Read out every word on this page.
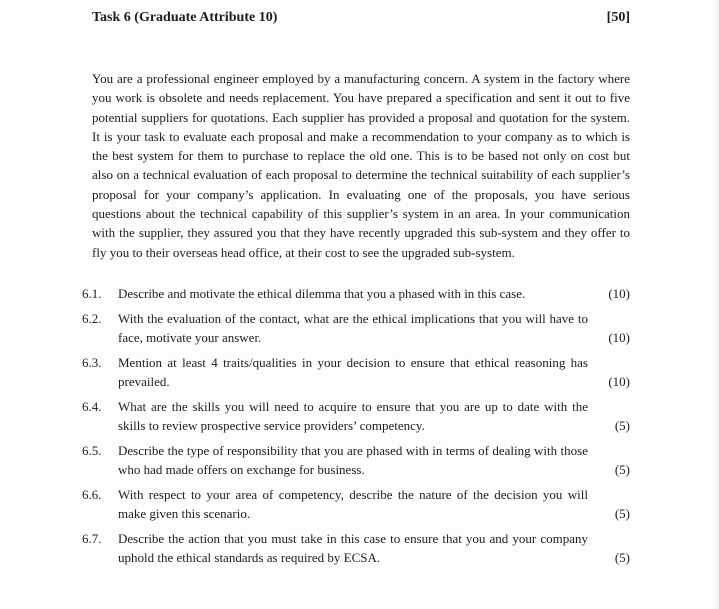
Task 6 (Graduate Attribute 10)	[50]

You are a professional engineer employed by a manufacturing concern. A system in the factory where you work is obsolete and needs replacement. You have prepared a specification and sent it out to five potential suppliers for quotations. Each supplier has provided a proposal and quotation for the system. It is your task to evaluate each proposal and make a recommendation to your company as to which is the best system for them to purchase to replace the old one. This is to be based not only on cost but also on a technical evaluation of each proposal to determine the technical suitability of each supplier’s proposal for your company’s application. In evaluating one of the proposals, you have serious questions about the technical capability of this supplier’s system in an area. In your communication with the supplier, they assured you that they have recently upgraded this sub-system and they offer to fly you to their overseas head office, at their cost to see the upgraded sub-system.

6.1. Describe and motivate the ethical dilemma that you a phased with in this case.	(10)
6.2. With the evaluation of the contact, what are the ethical implications that you will have to face, motivate your answer.	(10)
6.3. Mention at least 4 traits/qualities in your decision to ensure that ethical reasoning has prevailed.	(10)
6.4. What are the skills you will need to acquire to ensure that you are up to date with the skills to review prospective service providers’ competency.	(5)
6.5. Describe the type of responsibility that you are phased with in terms of dealing with those who had made offers on exchange for business.	(5)
6.6. With respect to your area of competency, describe the nature of the decision you will make given this scenario.	(5)
6.7. Describe the action that you must take in this case to ensure that you and your company uphold the ethical standards as required by ECSA.	(5)
